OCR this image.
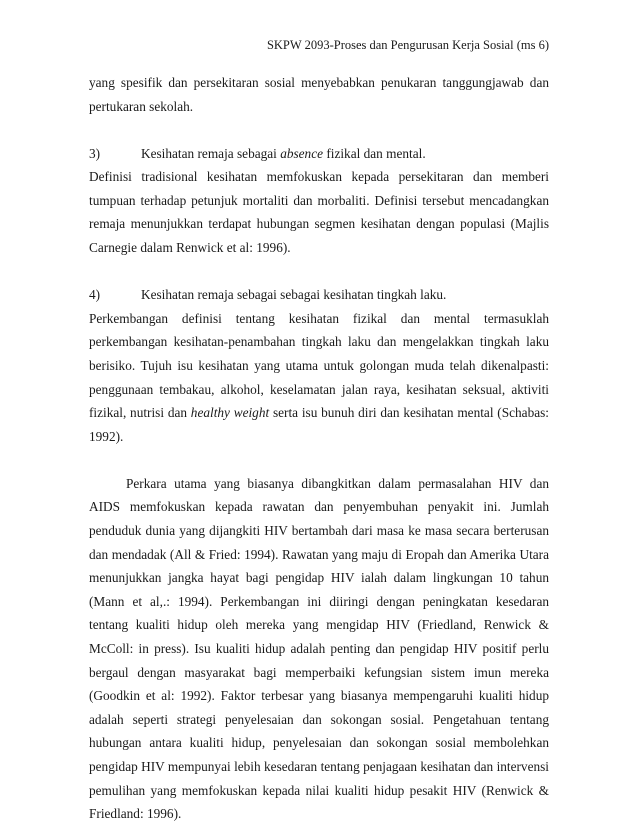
SKPW 2093-Proses dan Pengurusan Kerja Sosial (ms 6)

yang spesifik dan persekitaran sosial menyebabkan penukaran tanggungjawab dan pertukaran sekolah.

3)	Kesihatan remaja sebagai absence fizikal dan mental.

Definisi tradisional kesihatan memfokuskan kepada persekitaran dan memberi tumpuan terhadap petunjuk mortaliti dan morbaliti. Definisi tersebut mencadangkan remaja menunjukkan terdapat hubungan segmen kesihatan dengan populasi (Majlis Carnegie dalam Renwick et al: 1996).

4)	Kesihatan remaja sebagai sebagai kesihatan tingkah laku.

Perkembangan definisi tentang kesihatan fizikal dan mental termasuklah perkembangan kesihatan-penambahan tingkah laku dan mengelakkan tingkah laku berisiko. Tujuh isu kesihatan yang utama untuk golongan muda telah dikenalpasti: penggunaan tembakau, alkohol, keselamatan jalan raya, kesihatan seksual, aktiviti fizikal, nutrisi dan healthy weight serta isu bunuh diri dan kesihatan mental (Schabas: 1992).

Perkara utama yang biasanya dibangkitkan dalam permasalahan HIV dan AIDS memfokuskan kepada rawatan dan penyembuhan penyakit ini. Jumlah penduduk dunia yang dijangkiti HIV bertambah dari masa ke masa secara berterusan dan mendadak (All & Fried: 1994). Rawatan yang maju di Eropah dan Amerika Utara menunjukkan jangka hayat bagi pengidap HIV ialah dalam lingkungan 10 tahun (Mann et al,.: 1994). Perkembangan ini diiringi dengan peningkatan kesedaran tentang kualiti hidup oleh mereka yang mengidap HIV (Friedland, Renwick & McColl: in press). Isu kualiti hidup adalah penting dan pengidap HIV positif perlu bergaul dengan masyarakat bagi memperbaiki kefungsian sistem imun mereka (Goodkin et al: 1992). Faktor terbesar yang biasanya mempengaruhi kualiti hidup adalah seperti strategi penyelesaian dan sokongan sosial. Pengetahuan tentang hubungan antara kualiti hidup, penyelesaian dan sokongan sosial membolehkan pengidap HIV mempunyai lebih kesedaran tentang penjagaan kesihatan dan intervensi pemulihan yang memfokuskan kepada nilai kualiti hidup pesakit HIV (Renwick & Friedland: 1996).
